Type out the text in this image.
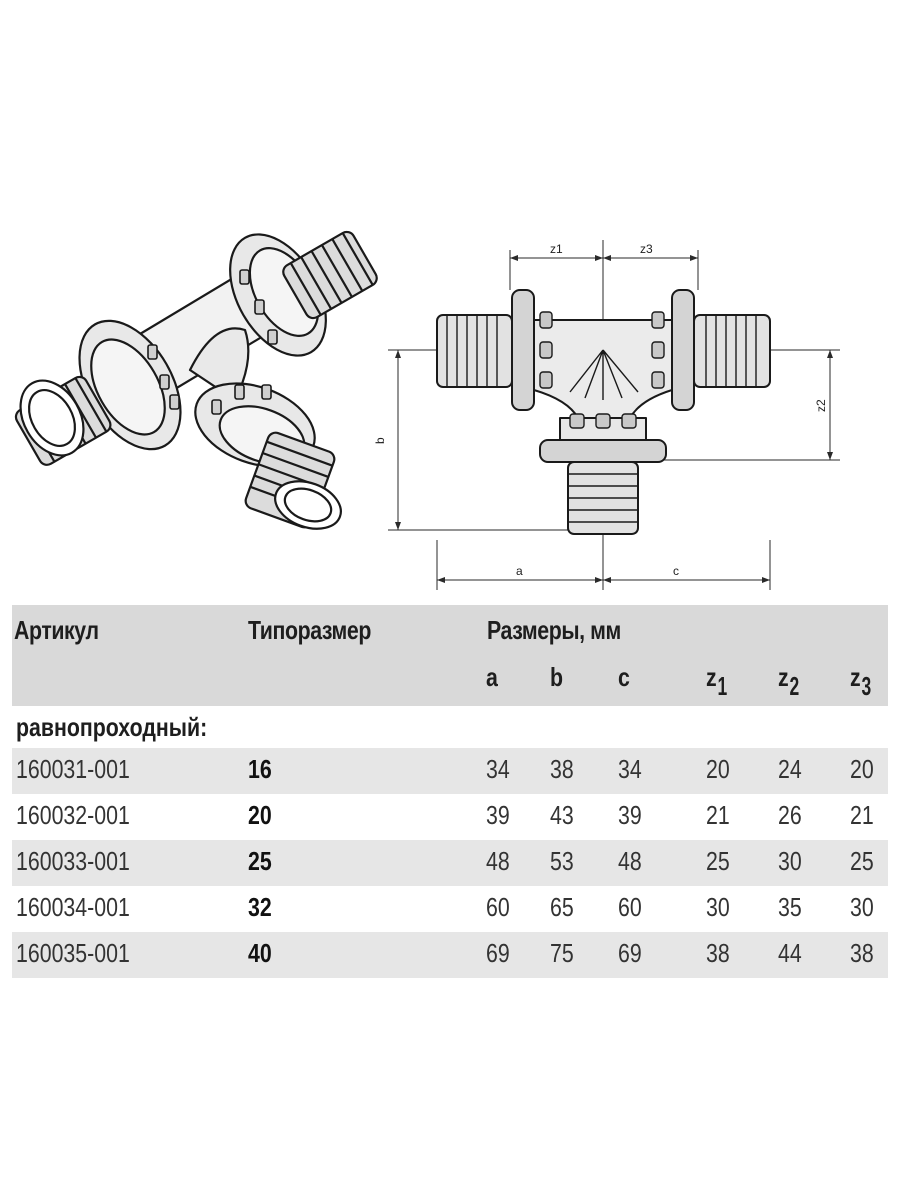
z1	z3
a	c
b
z2
Артикул	Типоразмер	Размеры, мм
a b c	z 1 z 2 z 3
равнопроходный:
160031-001	16	34 38 34 20 24 20
160032-001	20	39 43 39 21 26 21
160033-001	25	48 53 48 25 30 25
160034-001	32	60 65 60 30 35 30
160035-001	40	69 75 69 38 44 38
